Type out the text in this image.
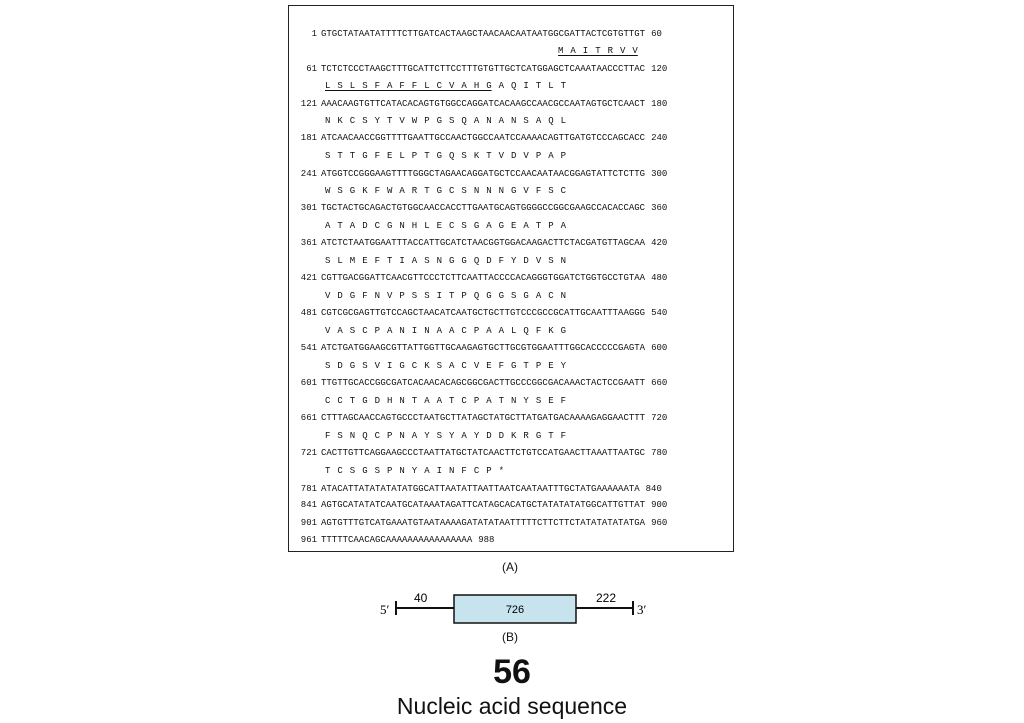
1 GTGCTATAATATTTTCTTGATCACTAAGCTAACAACAATAATGGCGATTACTCGTGTTGT 60
M A I T R V V
61 TCTCTCCCTAAGCTTTGCATTCTTCCTTTGTGTTGCTCATGGAGCTCAAATAACCCTTAC 120
L S L S F A F F L C V A H G A Q I T L T
121 AAACAAGTGTTCATACACAGTGTGGCCAGGATCACAAGCCAACGCCAATAGTGCTCAACT 180
N K C S Y T V W P G S Q A N A N S A Q L
181 ATCAACAACCGGTTTTGAATTGCCAACTGGCCAATCCAAAACAGTTGATGTCCCAGCACC 240
S T T G F E L P T G Q S K T V D V P A P
241 ATGGTCCGGGAAGTTTTGGGCTAGAACAGGATGCTCCAACAATAACGGAGTATTCTCTTG 300
W S G K F W A R T G C S N N N G V F S C
301 TGCTACTGCAGACTGTGGCAACCACCTTGAATGCAGTGGGGCCGGCGAAGCCACACCAGC 360
A T A D C G N H L E C S G A G E A T P A
361 ATCTCTAATGGAATTTACCATTGCATCTAACGGTGGACAAGACTTCTACGATGTTAGCAA 420
S L M E F T I A S N G G Q D F Y D V S N
421 CGTTGACGGATTCAACGTTCCCTCTTCAATTACCCCACAGGGTGGATCTGGTGCCTGTAA 480
V D G F N V P S S I T P Q G G S G A C N
481 CGTCGCGAGTTGTCCAGCTAACATCAATGCTGCTTGTCCCGCCGCATTGCAATTTAAGGG 540
V A S C P A N I N A A C P A A L Q F K G
541 ATCTGATGGAAGCGTTATTGGTTGCAAGAGTGCTTGCGTGGAATTTGGCACCCCCGAGTA 600
S D G S V I G C K S A C V E F G T P E Y
601 TTGTTGCACCGGCGATCACAACACAGCGGCGACTTGCCCGGCGACAAACTACTCCGAATT 660
C C T G D H N T A A T C P A T N Y S E F
661 CTTTAGCAACCAGTGCCCTAATGCTTATAGCTATGCTTATGATGACAAAAGAGGAACTTT 720
F S N Q C P N A Y S Y A Y D D K R G T F
721 CACTTGTTCAGGAAGCCCTAATTATGCTATCAACTTCTGTCCATGAACTTAAATTAATGC 780
T C S G S P N Y A I N F C P *
781 ATACATTATATATATATGGCATTAATATTAATTAATCAATAATTTGCTATGAAAAAATA 840
841 AGTGCATATATCAATGCATAAATAGATTCATAGCACATGCTATATATATGGCATTGTTAT 900
901 AGTGTTTGTCATGAAATGTAATAAAAGATATATAATTTTTCTTCTTCTATATATATATGA 960
961 TTTTTCAACAGCAAAAAAAAAAAAAAAA 988
(A)
5′
40
726
222
3′
(B)
56
Nucleic acid sequence
